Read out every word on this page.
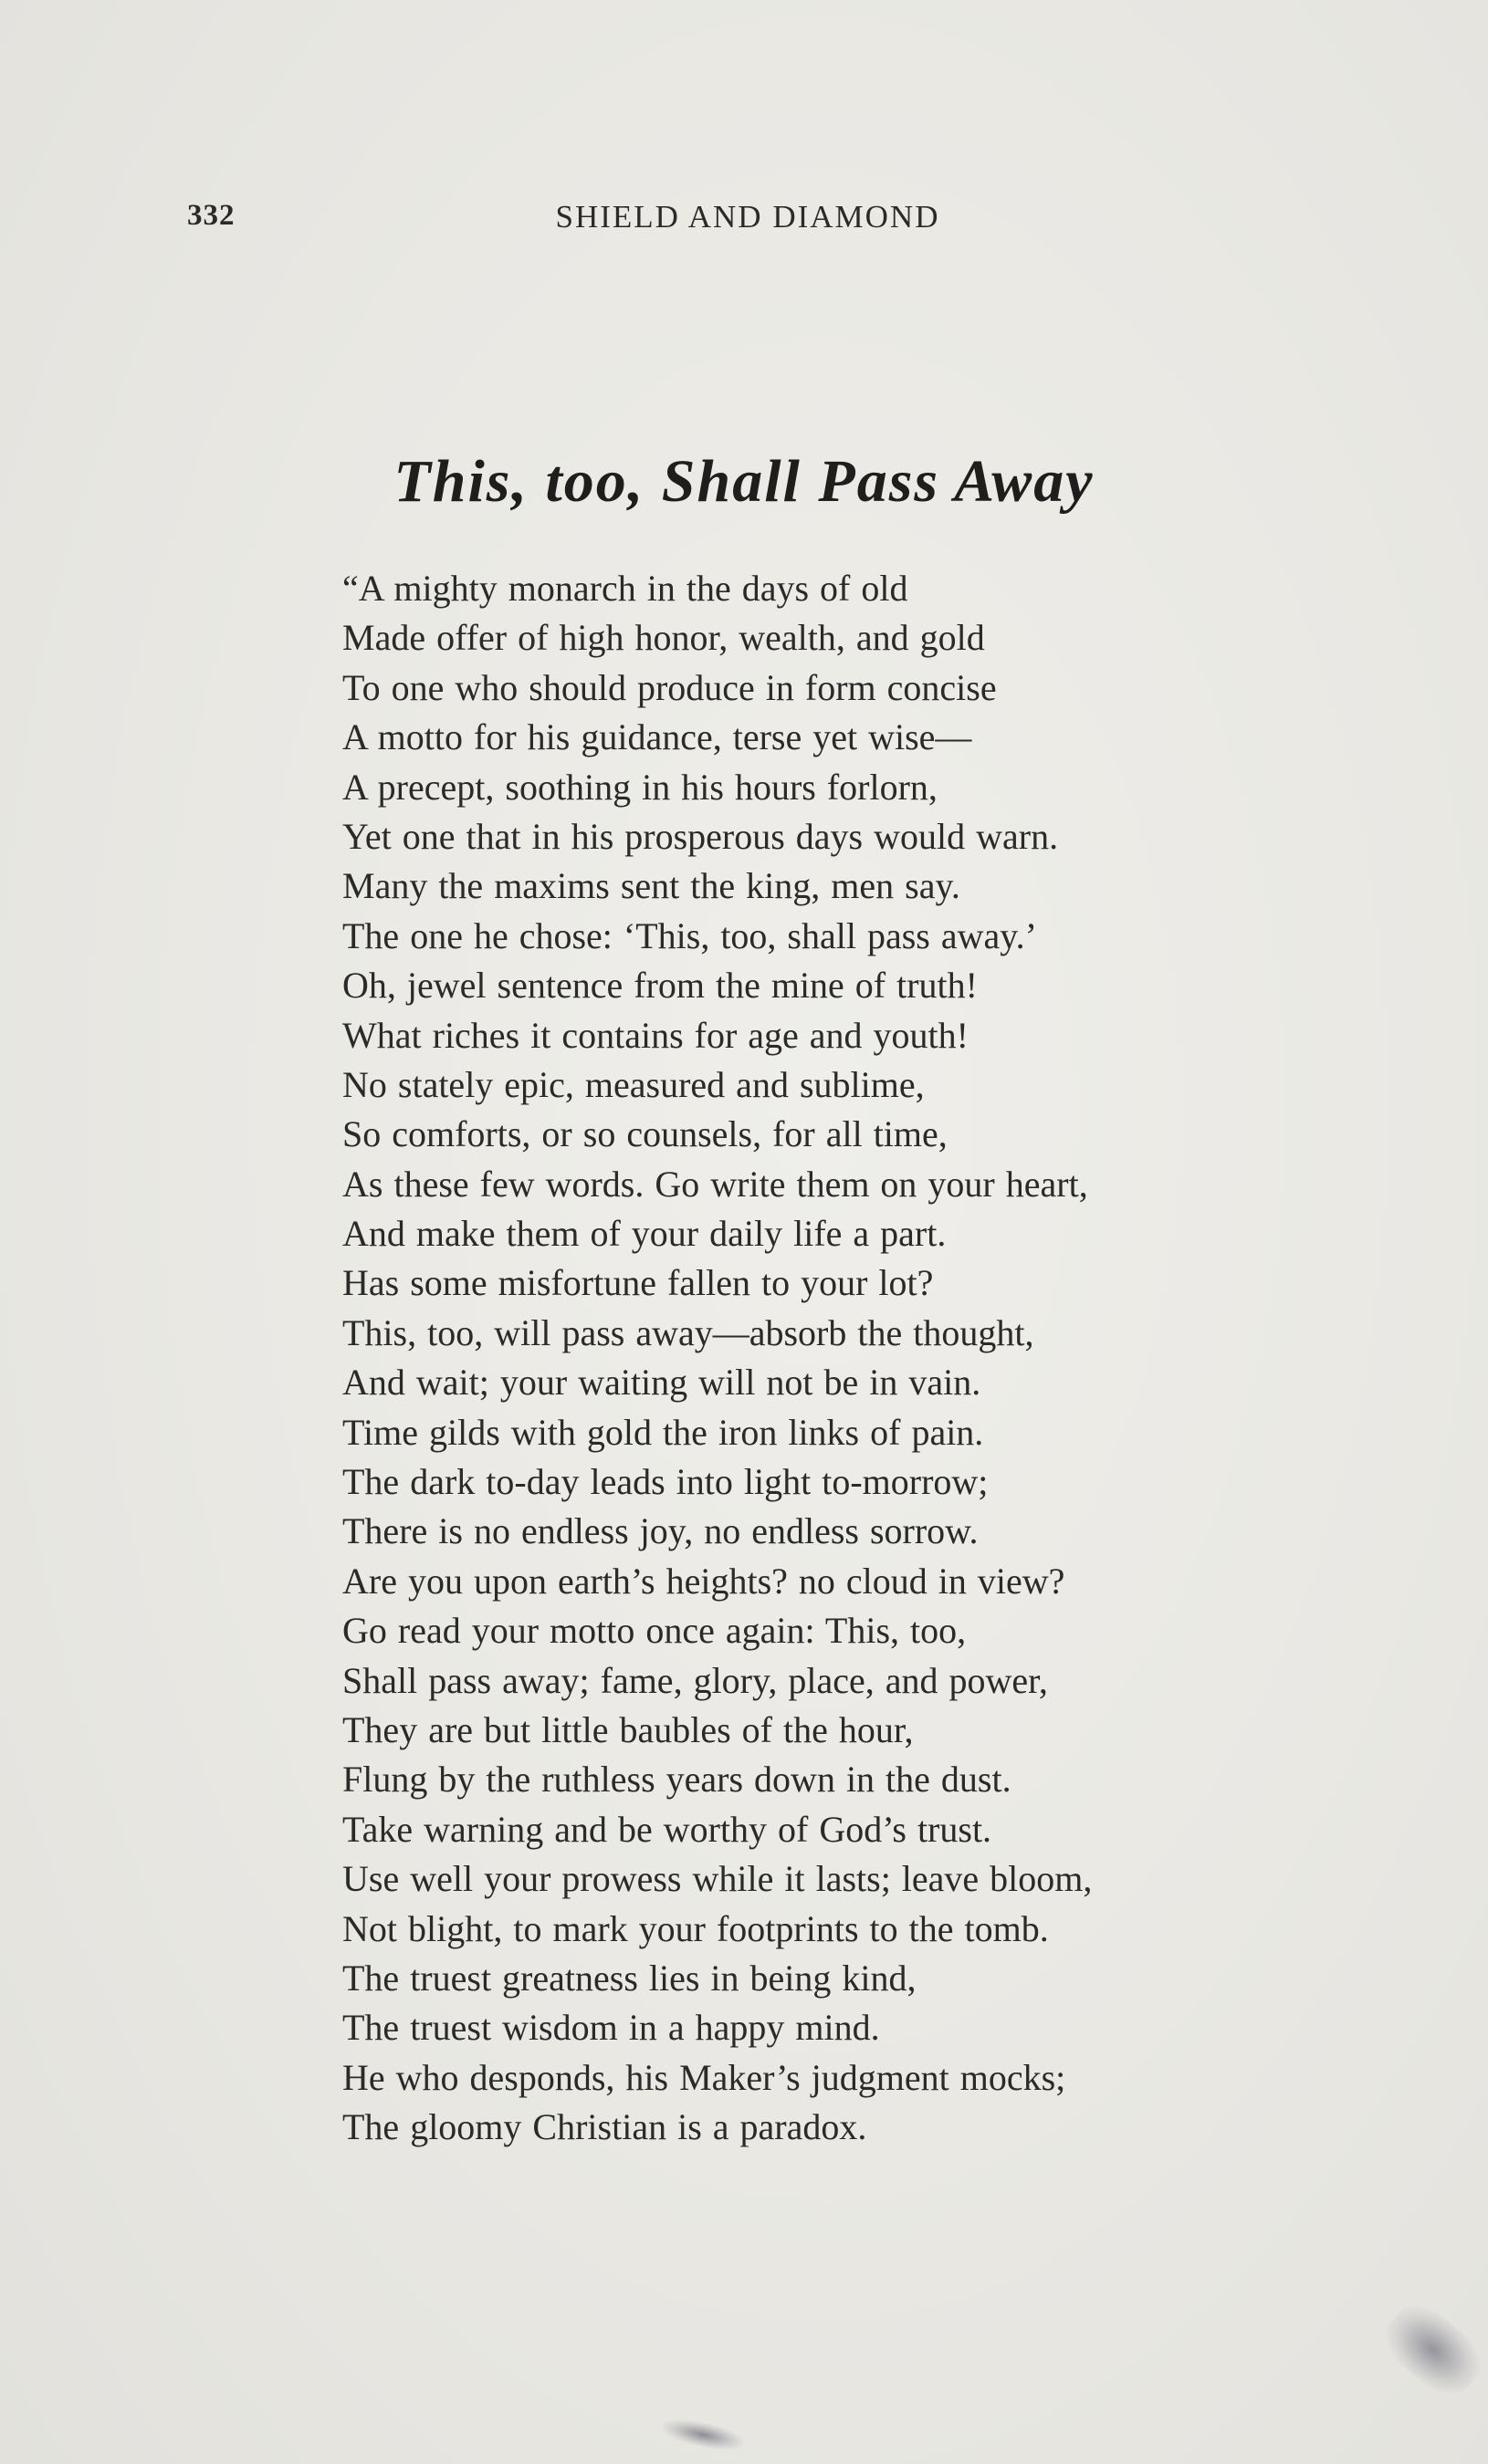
332	SHIELD AND DIAMOND
This, too, Shall Pass Away
“A mighty monarch in the days of old
Made offer of high honor, wealth, and gold
To one who should produce in form concise
A motto for his guidance, terse yet wise—
A precept, soothing in his hours forlorn,
Yet one that in his prosperous days would warn.
Many the maxims sent the king, men say.
The one he chose: ‘This, too, shall pass away.’
Oh, jewel sentence from the mine of truth!
What riches it contains for age and youth!
No stately epic, measured and sublime,
So comforts, or so counsels, for all time,
As these few words. Go write them on your heart,
And make them of your daily life a part.
Has some misfortune fallen to your lot?
This, too, will pass away—absorb the thought,
And wait; your waiting will not be in vain.
Time gilds with gold the iron links of pain.
The dark to-day leads into light to-morrow;
There is no endless joy, no endless sorrow.
Are you upon earth’s heights? no cloud in view?
Go read your motto once again: This, too,
Shall pass away; fame, glory, place, and power,
They are but little baubles of the hour,
Flung by the ruthless years down in the dust.
Take warning and be worthy of God’s trust.
Use well your prowess while it lasts; leave bloom,
Not blight, to mark your footprints to the tomb.
The truest greatness lies in being kind,
The truest wisdom in a happy mind.
He who desponds, his Maker’s judgment mocks;
The gloomy Christian is a paradox.
